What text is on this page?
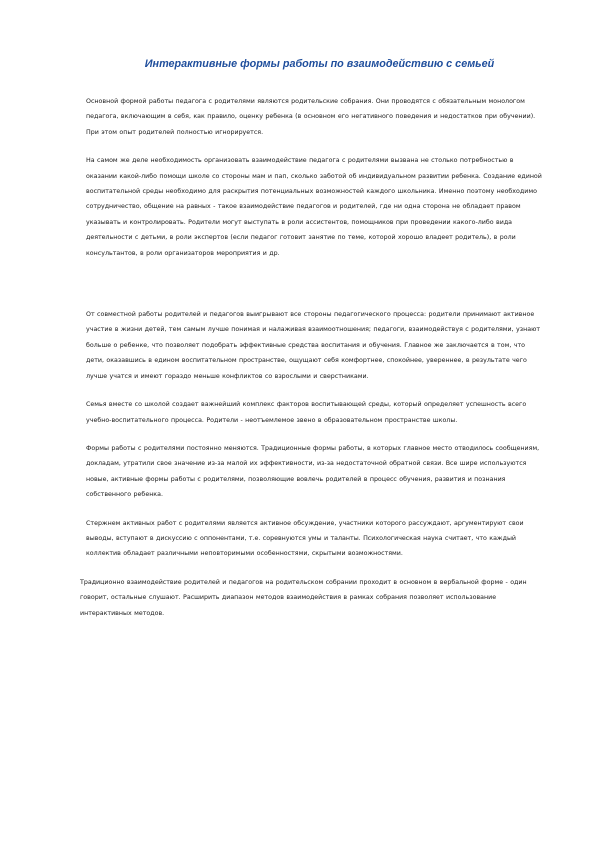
Интерактивные формы работы по взаимодействию с семьей

Основной формой работы педагога с родителями являются родительские собрания. Они проводятся с обязательным монологом педагога, включающим в себя, как правило, оценку ребенка (в основном его негативного поведения и недостатков при обучении). При этом опыт родителей полностью игнорируется.

На самом же деле необходимость организовать взаимодействие педагога с родителями вызвана не столько потребностью в оказании какой-либо помощи школе со стороны мам и пап, сколько заботой об индивидуальном развитии ребенка. Создание единой воспитательной среды необходимо для раскрытия потенциальных возможностей каждого школьника. Именно поэтому необходимо сотрудничество, общение на равных - такое взаимодействие педагогов и родителей, где ни одна сторона не обладает правом указывать и контролировать. Родители могут выступать в роли ассистентов, помощников при проведении какого-либо вида деятельности с детьми, в роли экспертов (если педагог готовит занятие по теме, которой хорошо владеет родитель), в роли консультантов, в роли организаторов мероприятия и др.

От совместной работы родителей и педагогов выигрывают все стороны педагогического процесса: родители принимают активное участие в жизни детей, тем самым лучше понимая и налаживая взаимоотношения; педагоги, взаимодействуя с родителями, узнают больше о ребенке, что позволяет подобрать эффективные средства воспитания и обучения. Главное же заключается в том, что дети, оказавшись в едином воспитательном пространстве, ощущают себя комфортнее, спокойнее, увереннее, в результате чего лучше учатся и имеют гораздо меньше конфликтов со взрослыми и сверстниками.

Семья вместе со школой создает важнейший комплекс факторов воспитывающей среды, который определяет успешность всего учебно-воспитательного процесса. Родители - неотъемлемое звено в образовательном пространстве школы.

Формы работы с родителями постоянно меняются. Традиционные формы работы, в которых главное место отводилось сообщениям, докладам, утратили свое значение из-за малой их эффективности, из-за недостаточной обратной связи. Все шире используются новые, активные формы работы с родителями, позволяющие вовлечь родителей в процесс обучения, развития и познания собственного ребенка.

Стержнем активных работ с родителями является активное обсуждение, участники которого рассуждают, аргументируют свои выводы, вступают в дискуссию с оппонентами, т.е. соревнуются умы и таланты. Психологическая наука считает, что каждый коллектив обладает различными неповторимыми особенностями, скрытыми возможностями.

Традиционно взаимодействие родителей и педагогов на родительском собрании проходит в основном в вербальной форме - один говорит, остальные слушают. Расширить диапазон методов взаимодействия в рамках собрания позволяет использование интерактивных методов.
